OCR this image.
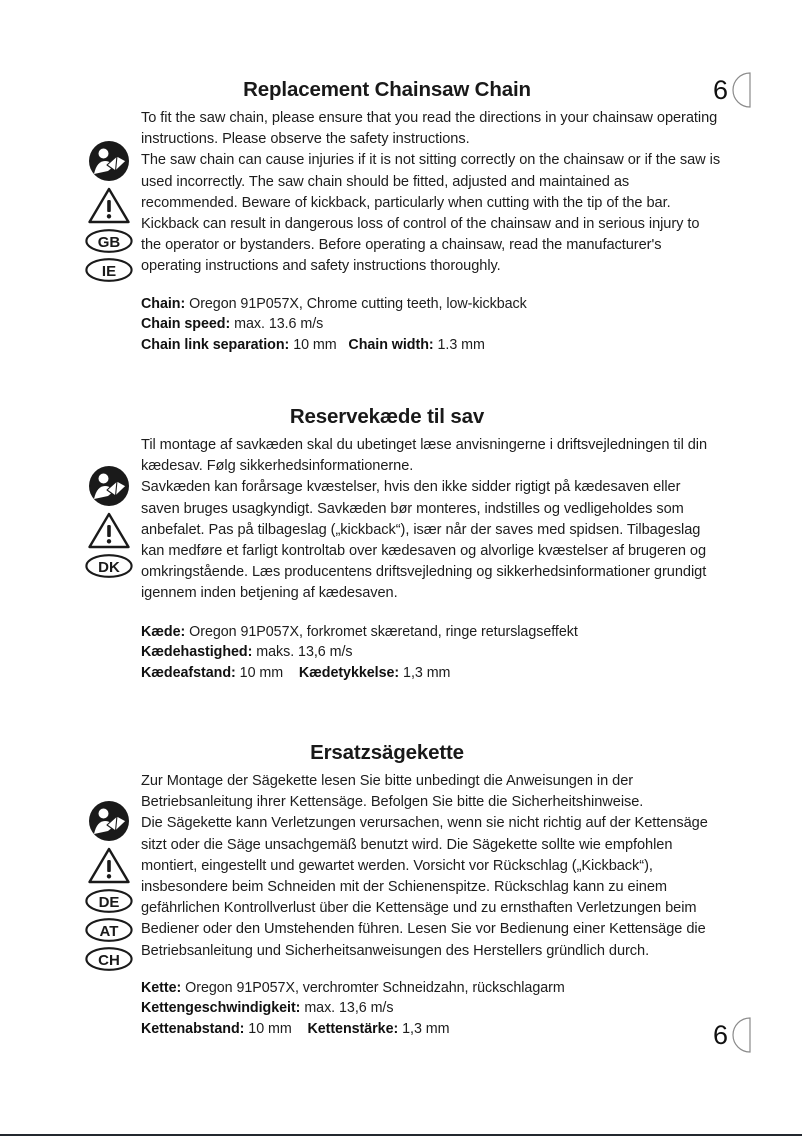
6
Replacement Chainsaw Chain
GB
IE

To fit the saw chain, please ensure that you read the directions in your chainsaw operating instructions. Please observe the safety instructions.

The saw chain can cause injuries if it is not sitting correctly on the chainsaw or if the saw is used incorrectly. The saw chain should be fitted, adjusted and maintained as recommended. Beware of kickback, particularly when cutting with the tip of the bar. Kickback can result in dangerous loss of control of the chainsaw and in serious injury to the operator or bystanders. Before operating a chainsaw, read the manufacturer's operating instructions and safety instructions thoroughly.

Chain: Oregon 91P057X, Chrome cutting teeth, low-kickback
Chain speed: max. 13.6 m/s
Chain link separation: 10 mm Chain width: 1.3 mm
Reservekæde til sav
DK

Til montage af savkæden skal du ubetinget læse anvisningerne i driftsvejledningen til din kædesav. Følg sikkerhedsinformationerne.

Savkæden kan forårsage kvæstelser, hvis den ikke sidder rigtigt på kædesaven eller saven bruges usagkyndigt. Savkæden bør monteres, indstilles og vedligeholdes som anbefalet. Pas på tilbageslag („kickback“), især når der saves med spidsen. Tilbageslag kan medføre et farligt kontroltab over kædesaven og alvorlige kvæstelser af brugeren og omkringstående. Læs producentens driftsvejledning og sikkerhedsinformationer grundigt igennem inden betjening af kædesaven.

Kæde: Oregon 91P057X, forkromet skæretand, ringe returslagseffekt
Kædehastighed: maks. 13,6 m/s
Kædeafstand: 10 mm Kædetykkelse: 1,3 mm
Ersatzsägekette
DE
AT
CH

Zur Montage der Sägekette lesen Sie bitte unbedingt die Anweisungen in der Betriebsanleitung ihrer Kettensäge. Befolgen Sie bitte die Sicherheitshinweise.

Die Sägekette kann Verletzungen verursachen, wenn sie nicht richtig auf der Kettensäge sitzt oder die Säge unsachgemäß benutzt wird. Die Sägekette sollte wie empfohlen montiert, eingestellt und gewartet werden. Vorsicht vor Rückschlag („Kickback“), insbesondere beim Schneiden mit der Schienenspitze. Rückschlag kann zu einem gefährlichen Kontrollverlust über die Kettensäge und zu ernsthaften Verletzungen beim Bediener oder den Umstehenden führen. Lesen Sie vor Bedienung einer Kettensäge die Betriebsanleitung und Sicherheitsanweisungen des Herstellers gründlich durch.

Kette: Oregon 91P057X, verchromter Schneidzahn, rückschlagarm
Kettengeschwindigkeit: max. 13,6 m/s
Kettenabstand: 10 mm Kettenstärke: 1,3 mm	6
